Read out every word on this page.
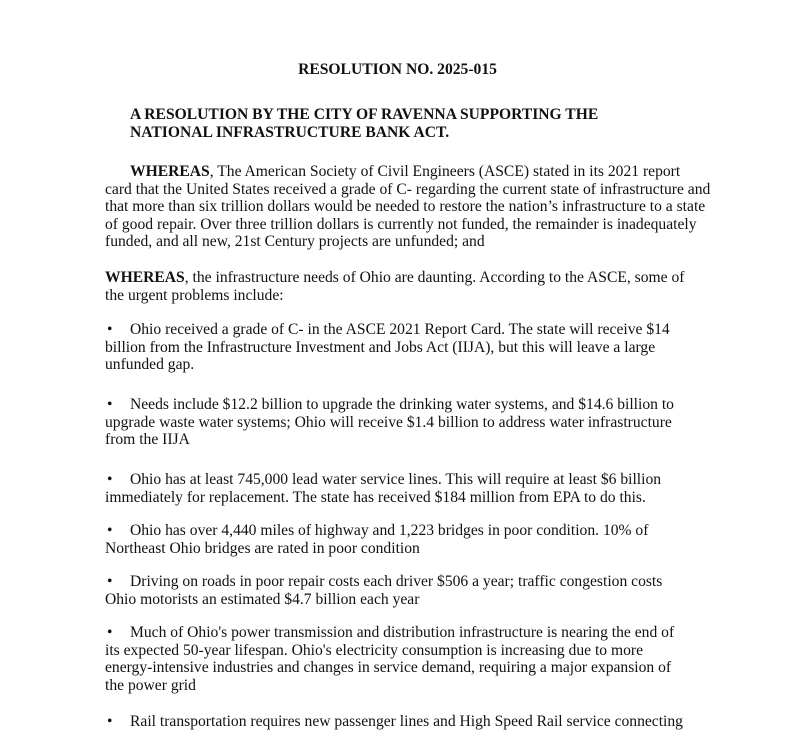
RESOLUTION NO. 2025-015
A RESOLUTION BY THE CITY OF RAVENNA SUPPORTING THE
NATIONAL INFRASTRUCTURE BANK ACT.
WHEREAS, The American Society of Civil Engineers (ASCE) stated in its 2021 report
card that the United States received a grade of C- regarding the current state of infrastructure and
that more than six trillion dollars would be needed to restore the nation’s infrastructure to a state
of good repair. Over three trillion dollars is currently not funded, the remainder is inadequately
funded, and all new, 21st Century projects are unfunded; and
WHEREAS, the infrastructure needs of Ohio are daunting. According to the ASCE, some of
the urgent problems include:
• Ohio received a grade of C- in the ASCE 2021 Report Card. The state will receive $14
billion from the Infrastructure Investment and Jobs Act (IIJA), but this will leave a large
unfunded gap.
• Needs include $12.2 billion to upgrade the drinking water systems, and $14.6 billion to
upgrade waste water systems; Ohio will receive $1.4 billion to address water infrastructure
from the IIJA
• Ohio has at least 745,000 lead water service lines. This will require at least $6 billion
immediately for replacement. The state has received $184 million from EPA to do this.
• Ohio has over 4,440 miles of highway and 1,223 bridges in poor condition. 10% of
Northeast Ohio bridges are rated in poor condition
• Driving on roads in poor repair costs each driver $506 a year; traffic congestion costs
Ohio motorists an estimated $4.7 billion each year
• Much of Ohio's power transmission and distribution infrastructure is nearing the end of
its expected 50-year lifespan. Ohio's electricity consumption is increasing due to more
energy-intensive industries and changes in service demand, requiring a major expansion of
the power grid
• Rail transportation requires new passenger lines and High Speed Rail service connecting
